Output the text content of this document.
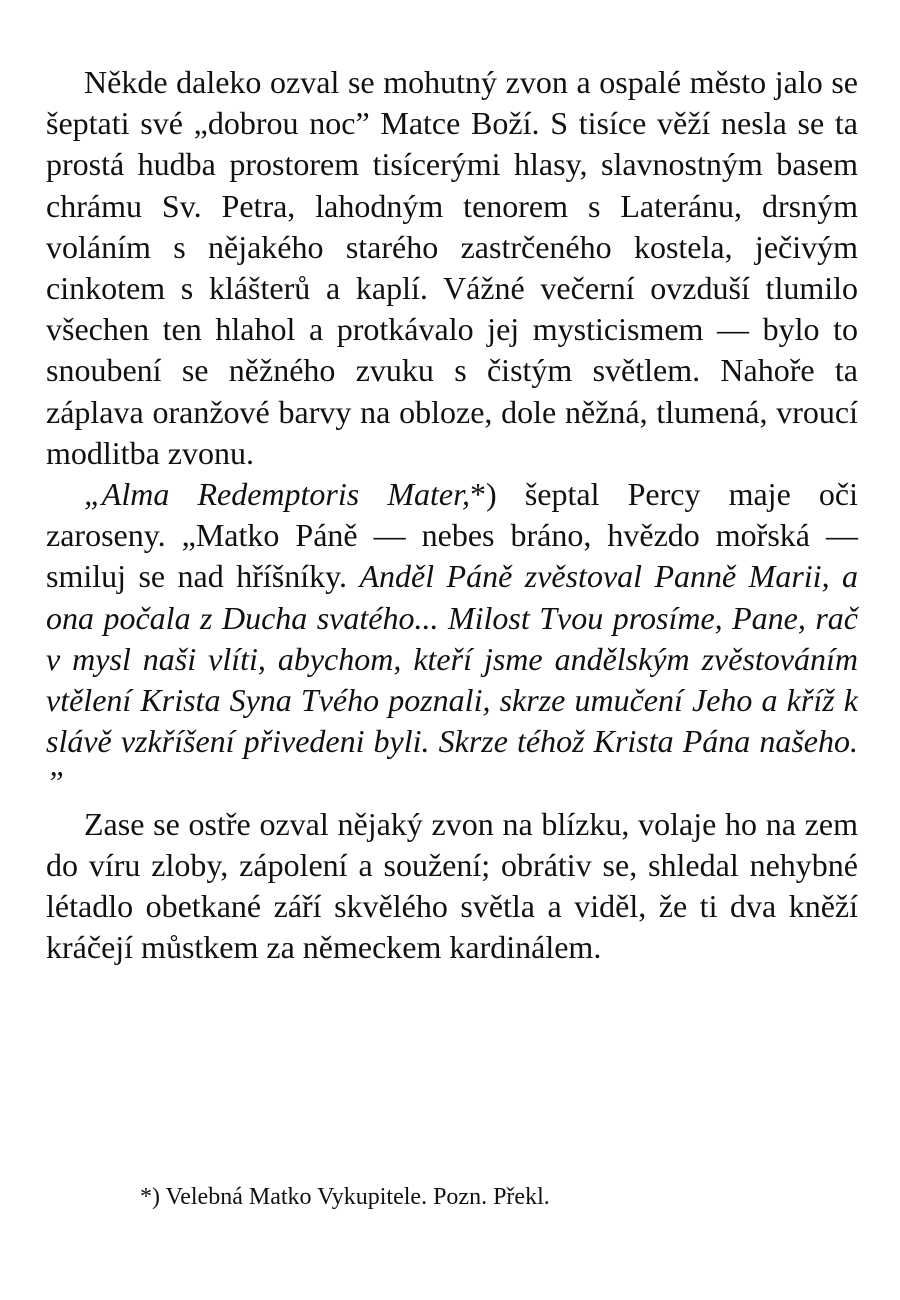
Někde daleko ozval se mohutný zvon a ospalé město jalo se šeptati své „dobrou noc” Matce Boží. S tisíce věží nesla se ta prostá hudba prostorem tisícerými hlasy, slavnostným basem chrámu Sv. Petra, lahodným tenorem s Lateránu, drsným voláním s nějakého starého zastrčeného kostela, ječivým cinkotem s klášterů a kaplí. Vážné večerní ovzduší tlumilo všechen ten hlahol a protkávalo jej mysticismem — bylo to snoubení se něžného zvuku s čistým světlem. Nahoře ta záplava oranžové barvy na obloze, dole něžná, tlumená, vroucí modlitba zvonu.

„Alma Redemptoris Mater,*) šeptal Percy maje oči zaroseny. „Matko Páně — nebes bráno, hvězdo mořská — smiluj se nad hříšníky. Anděl Páně zvěstoval Panně Marii, a ona počala z Ducha svatého... Milost Tvou prosíme, Pane, rač v mysl naši vlíti, abychom, kteří jsme andělským zvěstováním vtělení Krista Syna Tvého poznali, skrze umučení Jeho a kříž k slávě vzkříšení přivedeni byli. Skrze téhož Krista Pána našeho. ”

Zase se ostře ozval nějaký zvon na blízku, volaje ho na zem do víru zloby, zápolení a soužení; obrátiv se, shledal nehybné létadlo obetkané září skvělého světla a viděl, že ti dva kněží kráčejí můstkem za německem kardinálem.

*) Velebná Matko Vykupitele. Pozn. Překl.
